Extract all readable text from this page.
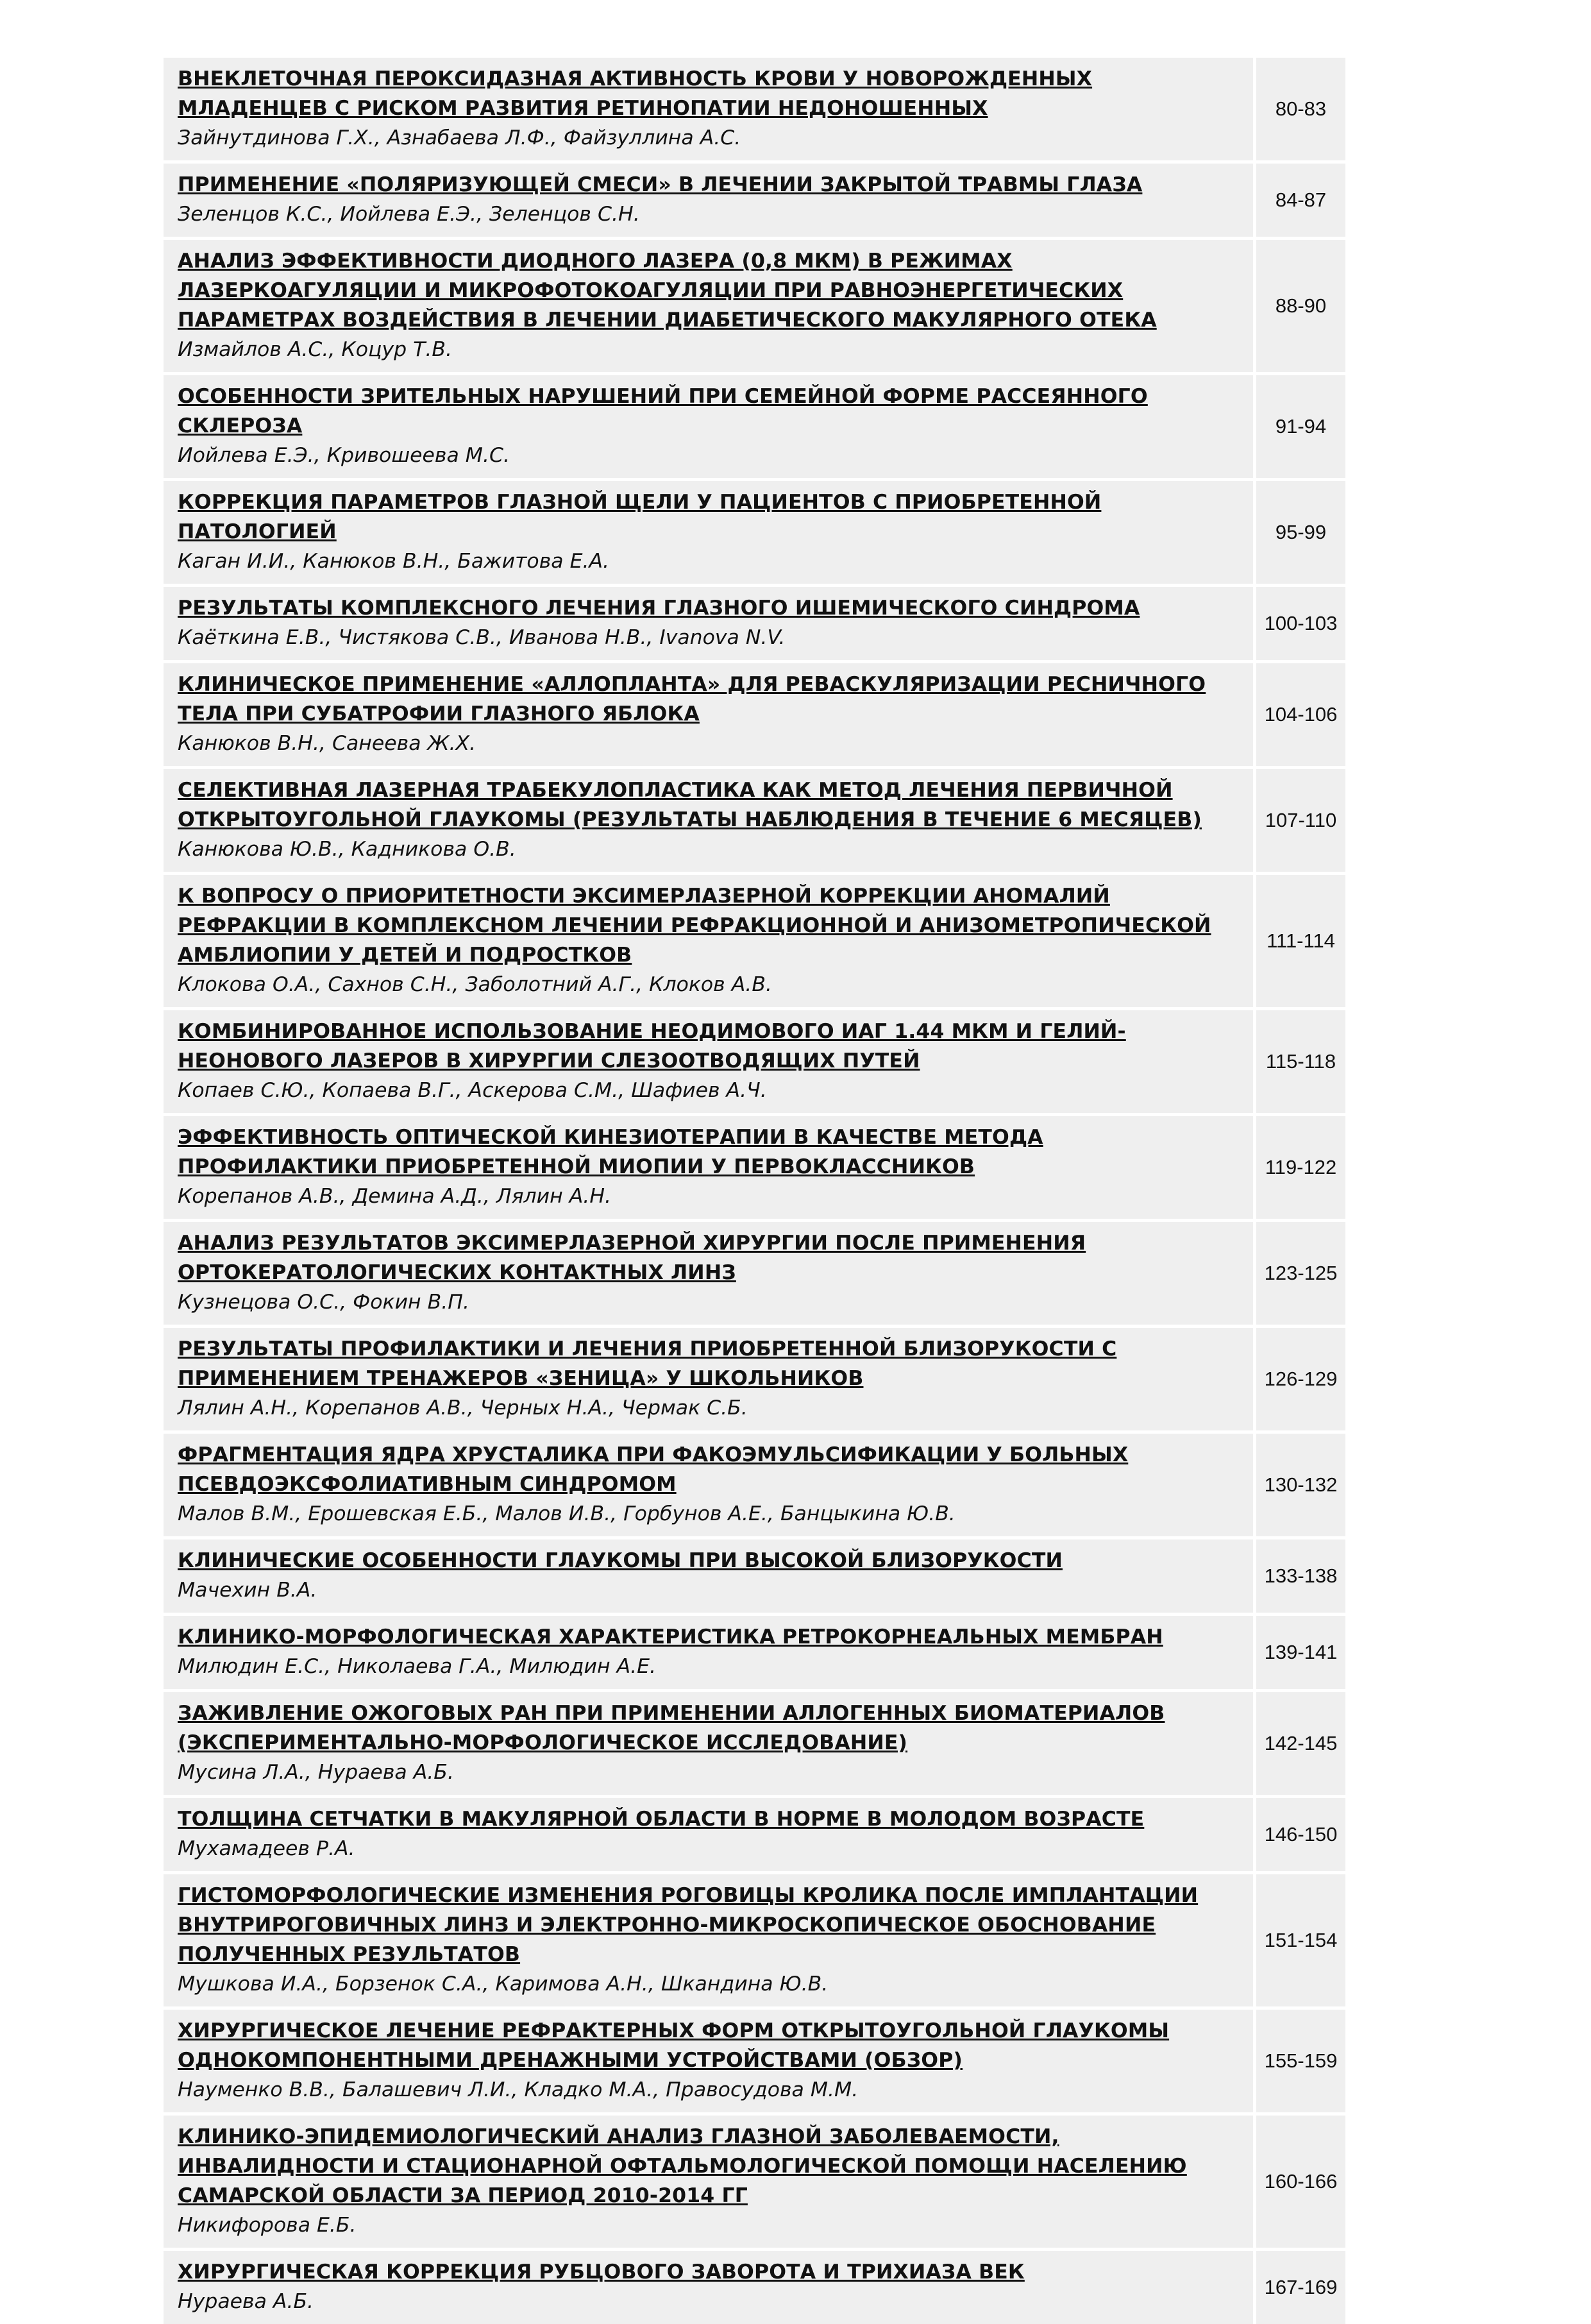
ВНЕКЛЕТОЧНАЯ ПЕРОКСИДАЗНАЯ АКТИВНОСТЬ КРОВИ У НОВОРОЖДЕННЫХ МЛАДЕНЦЕВ С РИСКОМ РАЗВИТИЯ РЕТИНОПАТИИ НЕДОНОШЕННЫХ
Зайнутдинова Г.Х., Азнабаева Л.Ф., Файзуллина А.С.	80-83

ПРИМЕНЕНИЕ «ПОЛЯРИЗУЮЩЕЙ СМЕСИ» В ЛЕЧЕНИИ ЗАКРЫТОЙ ТРАВМЫ ГЛАЗА
Зеленцов К.С., Иойлева Е.Э., Зеленцов С.Н.	84-87

АНАЛИЗ ЭФФЕКТИВНОСТИ ДИОДНОГО ЛАЗЕРА (0,8 МКМ) В РЕЖИМАХ ЛАЗЕРКОАГУЛЯЦИИ И МИКРОФОТОКОАГУЛЯЦИИ ПРИ РАВНОЭНЕРГЕТИЧЕСКИХ ПАРАМЕТРАХ ВОЗДЕЙСТВИЯ В ЛЕЧЕНИИ ДИАБЕТИЧЕСКОГО МАКУЛЯРНОГО ОТЕКА
Измайлов А.С., Коцур Т.В.	88-90

ОСОБЕННОСТИ ЗРИТЕЛЬНЫХ НАРУШЕНИЙ ПРИ СЕМЕЙНОЙ ФОРМЕ РАССЕЯННОГО СКЛЕРОЗА
Иойлева Е.Э., Кривошеева М.С.	91-94

КОРРЕКЦИЯ ПАРАМЕТРОВ ГЛАЗНОЙ ЩЕЛИ У ПАЦИЕНТОВ С ПРИОБРЕТЕННОЙ ПАТОЛОГИЕЙ
Каган И.И., Канюков В.Н., Бажитова Е.А.	95-99

РЕЗУЛЬТАТЫ КОМПЛЕКСНОГО ЛЕЧЕНИЯ ГЛАЗНОГО ИШЕМИЧЕСКОГО СИНДРОМА
Каёткина Е.В., Чистякова С.В., Иванова Н.В., Ivanova N.V.	100-103

КЛИНИЧЕСКОЕ ПРИМЕНЕНИЕ «АЛЛОПЛАНТА» ДЛЯ РЕВАСКУЛЯРИЗАЦИИ РЕСНИЧНОГО ТЕЛА ПРИ СУБАТРОФИИ ГЛАЗНОГО ЯБЛОКА
Канюков В.Н., Санеева Ж.Х.	104-106

СЕЛЕКТИВНАЯ ЛАЗЕРНАЯ ТРАБЕКУЛОПЛАСТИКА КАК МЕТОД ЛЕЧЕНИЯ ПЕРВИЧНОЙ ОТКРЫТОУГОЛЬНОЙ ГЛАУКОМЫ (РЕЗУЛЬТАТЫ НАБЛЮДЕНИЯ В ТЕЧЕНИЕ 6 МЕСЯЦЕВ)
Канюкова Ю.В., Кадникова О.В.	107-110

К ВОПРОСУ О ПРИОРИТЕТНОСТИ ЭКСИМЕРЛАЗЕРНОЙ КОРРЕКЦИИ АНОМАЛИЙ РЕФРАКЦИИ В КОМПЛЕКСНОМ ЛЕЧЕНИИ РЕФРАКЦИОННОЙ И АНИЗОМЕТРОПИЧЕСКОЙ АМБЛИОПИИ У ДЕТЕЙ И ПОДРОСТКОВ
Клокова О.А., Сахнов С.Н., Заболотний А.Г., Клоков А.В.	111-114

КОМБИНИРОВАННОЕ ИСПОЛЬЗОВАНИЕ НЕОДИМОВОГО ИАГ 1.44 МКМ И ГЕЛИЙ-НЕОНОВОГО ЛАЗЕРОВ В ХИРУРГИИ СЛЕЗООТВОДЯЩИХ ПУТЕЙ
Копаев С.Ю., Копаева В.Г., Аскерова С.М., Шафиев А.Ч.	115-118

ЭФФЕКТИВНОСТЬ ОПТИЧЕСКОЙ КИНЕЗИОТЕРАПИИ В КАЧЕСТВЕ МЕТОДА ПРОФИЛАКТИКИ ПРИОБРЕТЕННОЙ МИОПИИ У ПЕРВОКЛАССНИКОВ
Корепанов А.В., Демина А.Д., Лялин А.Н.	119-122

АНАЛИЗ РЕЗУЛЬТАТОВ ЭКСИМЕРЛАЗЕРНОЙ ХИРУРГИИ ПОСЛЕ ПРИМЕНЕНИЯ ОРТОКЕРАТОЛОГИЧЕСКИХ КОНТАКТНЫХ ЛИНЗ
Кузнецова О.С., Фокин В.П.	123-125

РЕЗУЛЬТАТЫ ПРОФИЛАКТИКИ И ЛЕЧЕНИЯ ПРИОБРЕТЕННОЙ БЛИЗОРУКОСТИ С ПРИМЕНЕНИЕМ ТРЕНАЖЕРОВ «ЗЕНИЦА» У ШКОЛЬНИКОВ
Лялин А.Н., Корепанов А.В., Черных Н.А., Чермак С.Б.	126-129

ФРАГМЕНТАЦИЯ ЯДРА ХРУСТАЛИКА ПРИ ФАКОЭМУЛЬСИФИКАЦИИ У БОЛЬНЫХ ПСЕВДОЭКСФОЛИАТИВНЫМ СИНДРОМОМ
Малов В.М., Ерошевская Е.Б., Малов И.В., Горбунов А.Е., Банцыкина Ю.В.	130-132

КЛИНИЧЕСКИЕ ОСОБЕННОСТИ ГЛАУКОМЫ ПРИ ВЫСОКОЙ БЛИЗОРУКОСТИ
Мачехин В.А.	133-138

КЛИНИКО-МОРФОЛОГИЧЕСКАЯ ХАРАКТЕРИСТИКА РЕТРОКОРНЕАЛЬНЫХ МЕМБРАН
Милюдин Е.С., Николаева Г.А., Милюдин А.Е.	139-141

ЗАЖИВЛЕНИЕ ОЖОГОВЫХ РАН ПРИ ПРИМЕНЕНИИ АЛЛОГЕННЫХ БИОМАТЕРИАЛОВ (ЭКСПЕРИМЕНТАЛЬНО-МОРФОЛОГИЧЕСКОЕ ИССЛЕДОВАНИЕ)
Мусина Л.А., Нураева А.Б.	142-145

ТОЛЩИНА СЕТЧАТКИ В МАКУЛЯРНОЙ ОБЛАСТИ В НОРМЕ В МОЛОДОМ ВОЗРАСТЕ
Мухамадеев Р.А.	146-150

ГИСТОМОРФОЛОГИЧЕСКИЕ ИЗМЕНЕНИЯ РОГОВИЦЫ КРОЛИКА ПОСЛЕ ИМПЛАНТАЦИИ ВНУТРИРОГОВИЧНЫХ ЛИНЗ И ЭЛЕКТРОННО-МИКРОСКОПИЧЕСКОЕ ОБОСНОВАНИЕ ПОЛУЧЕННЫХ РЕЗУЛЬТАТОВ
Мушкова И.А., Борзенок С.А., Каримова А.Н., Шкандина Ю.В.	151-154

ХИРУРГИЧЕСКОЕ ЛЕЧЕНИЕ РЕФРАКТЕРНЫХ ФОРМ ОТКРЫТОУГОЛЬНОЙ ГЛАУКОМЫ ОДНОКОМПОНЕНТНЫМИ ДРЕНАЖНЫМИ УСТРОЙСТВАМИ (ОБЗОР)
Науменко В.В., Балашевич Л.И., Кладко М.А., Правосудова М.М.	155-159

КЛИНИКО-ЭПИДЕМИОЛОГИЧЕСКИЙ АНАЛИЗ ГЛАЗНОЙ ЗАБОЛЕВАЕМОСТИ, ИНВАЛИДНОСТИ И СТАЦИОНАРНОЙ ОФТАЛЬМОЛОГИЧЕСКОЙ ПОМОЩИ НАСЕЛЕНИЮ САМАРСКОЙ ОБЛАСТИ ЗА ПЕРИОД 2010-2014 ГГ
Никифорова Е.Б.	160-166

ХИРУРГИЧЕСКАЯ КОРРЕКЦИЯ РУБЦОВОГО ЗАВОРОТА И ТРИХИАЗА ВЕК
Нураева А.Б.	167-169
